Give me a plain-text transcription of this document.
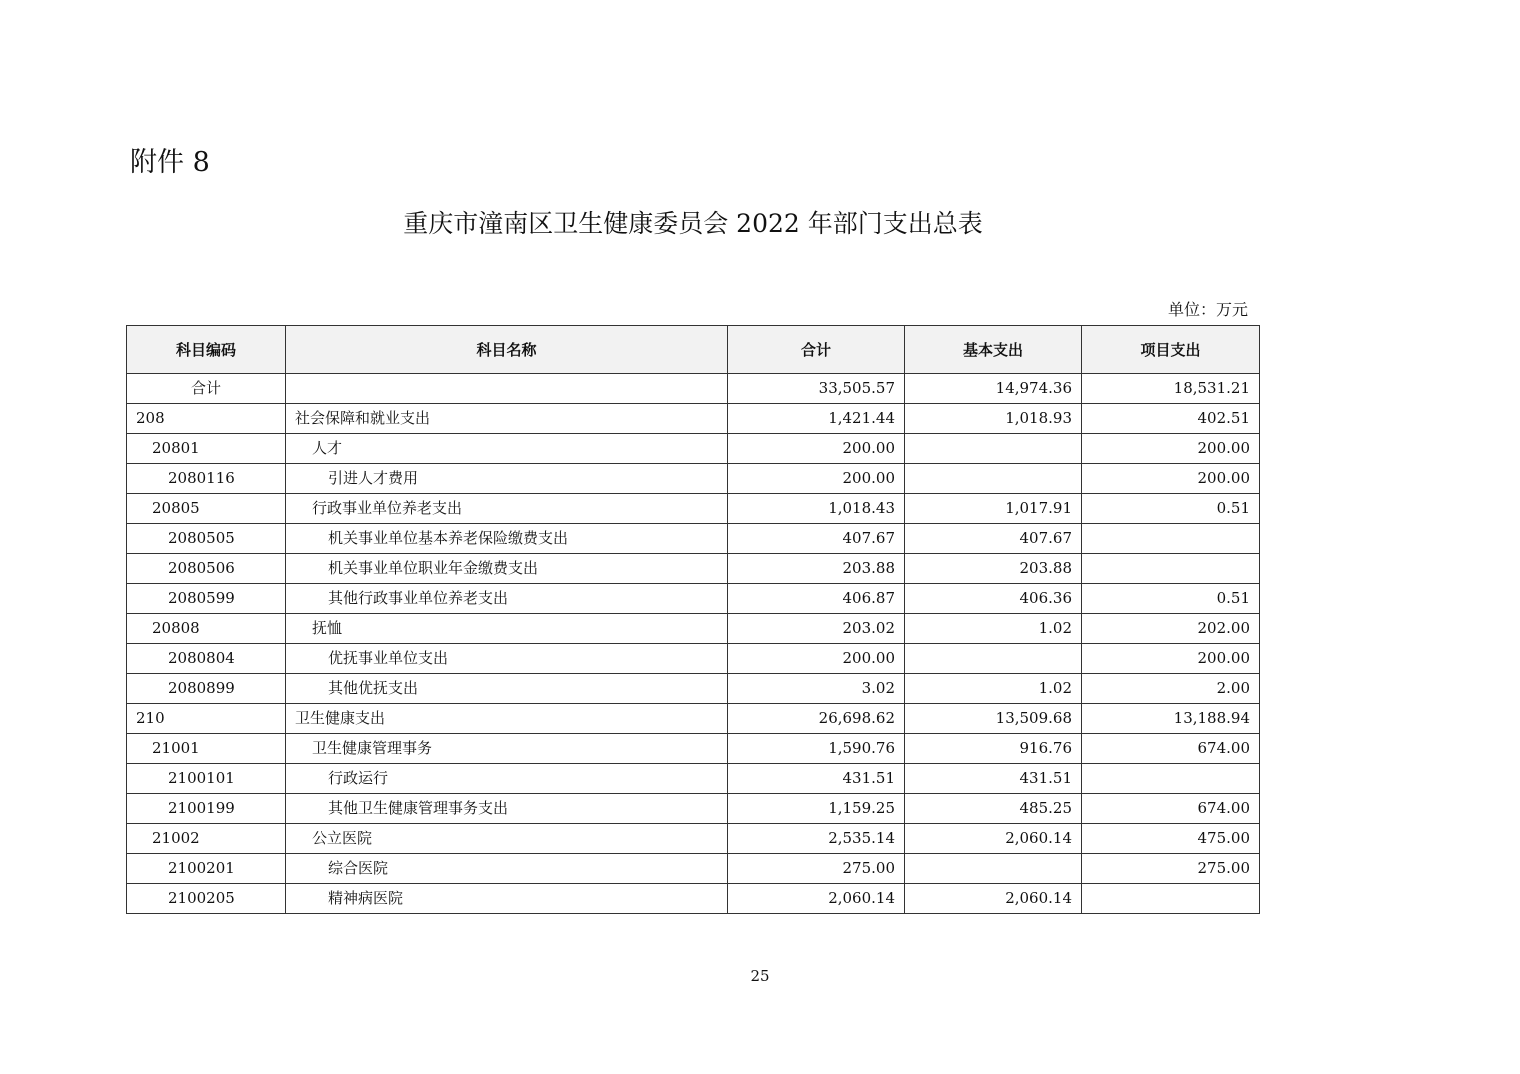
附件 8
重庆市潼南区卫生健康委员会 2022 年部门支出总表
单位：万元
科目编码	科目名称	合计	基本支出	项目支出
合计		33,505.57	14,974.36	18,531.21
208	社会保障和就业支出	1,421.44	1,018.93	402.51
20801	人才	200.00		200.00
2080116	引进人才费用	200.00		200.00
20805	行政事业单位养老支出	1,018.43	1,017.91	0.51
2080505	机关事业单位基本养老保险缴费支出	407.67	407.67	
2080506	机关事业单位职业年金缴费支出	203.88	203.88	
2080599	其他行政事业单位养老支出	406.87	406.36	0.51
20808	抚恤	203.02	1.02	202.00
2080804	优抚事业单位支出	200.00		200.00
2080899	其他优抚支出	3.02	1.02	2.00
210	卫生健康支出	26,698.62	13,509.68	13,188.94
21001	卫生健康管理事务	1,590.76	916.76	674.00
2100101	行政运行	431.51	431.51	
2100199	其他卫生健康管理事务支出	1,159.25	485.25	674.00
21002	公立医院	2,535.14	2,060.14	475.00
2100201	综合医院	275.00		275.00
2100205	精神病医院	2,060.14	2,060.14	
25
